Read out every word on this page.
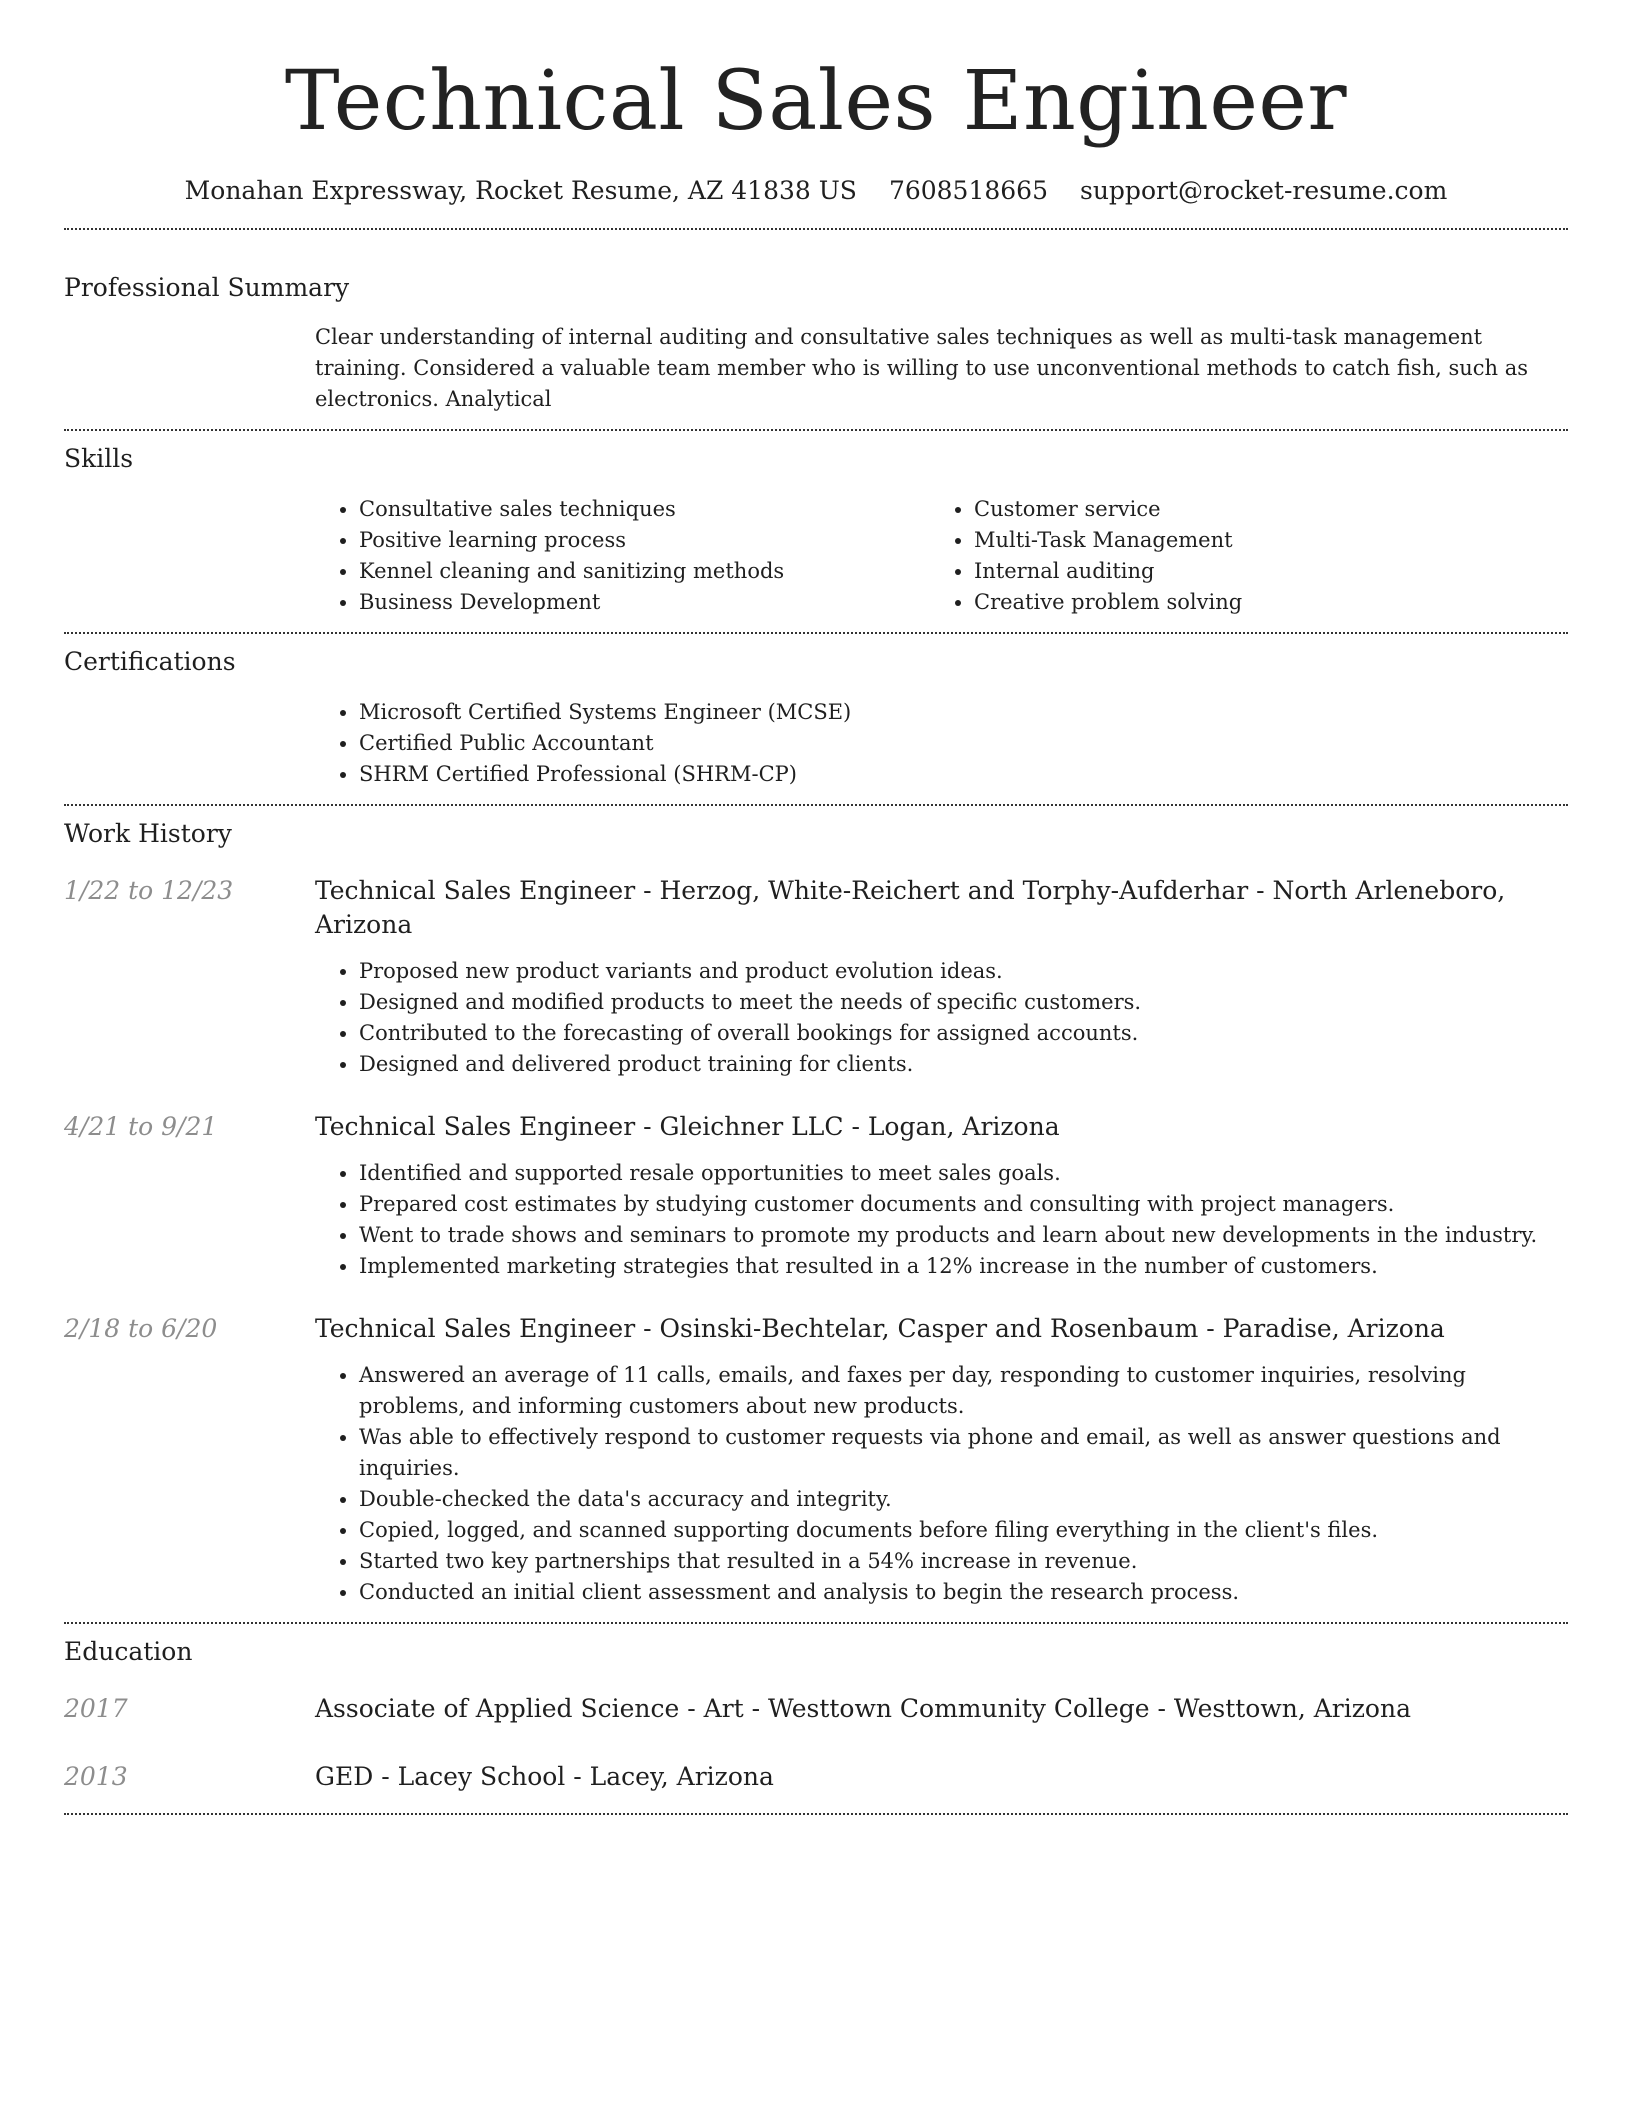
Technical Sales Engineer
Monahan Expressway, Rocket Resume, AZ 41838 US 7608518665 support@rocket-resume.com
Professional Summary

Clear understanding of internal auditing and consultative sales techniques as well as multi-task management training. Considered a valuable team member who is willing to use unconventional methods to catch fish, such as electronics. Analytical

Skills
• Consultative sales techniques
• Positive learning process
• Kennel cleaning and sanitizing methods
• Business Development
• Customer service
• Multi-Task Management
• Internal auditing
• Creative problem solving
Certifications
• Microsoft Certified Systems Engineer (MCSE)
• Certified Public Accountant
• SHRM Certified Professional (SHRM-CP)
Work History
1/22 to 12/23	Technical Sales Engineer - Herzog, White-Reichert and Torphy-Aufderhar - North Arleneboro, Arizona
• Proposed new product variants and product evolution ideas.
• Designed and modified products to meet the needs of specific customers.
• Contributed to the forecasting of overall bookings for assigned accounts.
• Designed and delivered product training for clients.
4/21 to 9/21	Technical Sales Engineer - Gleichner LLC - Logan, Arizona
• Identified and supported resale opportunities to meet sales goals.
• Prepared cost estimates by studying customer documents and consulting with project managers.
• Went to trade shows and seminars to promote my products and learn about new developments in the industry.
• Implemented marketing strategies that resulted in a 12% increase in the number of customers.
2/18 to 6/20	Technical Sales Engineer - Osinski-Bechtelar, Casper and Rosenbaum - Paradise, Arizona
• Answered an average of 11 calls, emails, and faxes per day, responding to customer inquiries, resolving problems, and informing customers about new products.
• Was able to effectively respond to customer requests via phone and email, as well as answer questions and inquiries.
• Double-checked the data's accuracy and integrity.
• Copied, logged, and scanned supporting documents before filing everything in the client's files.
• Started two key partnerships that resulted in a 54% increase in revenue.
• Conducted an initial client assessment and analysis to begin the research process.
Education
2017	Associate of Applied Science - Art - Westtown Community College - Westtown, Arizona
2013	GED - Lacey School - Lacey, Arizona
